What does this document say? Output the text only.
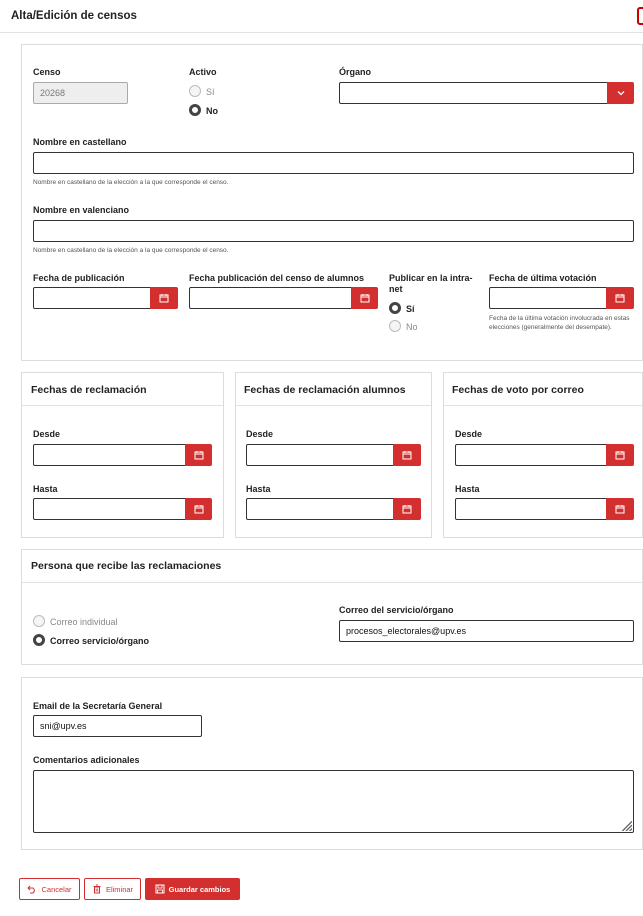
Alta/Edición de censos
Censo
20268
Activo
Sí
No
Órgano
Nombre en castellano
Nombre en castellano de la elección a la que corresponde el censo.
Nombre en valenciano
Nombre en castellano de la elección a la que corresponde el censo.
Fecha de publicación	Fecha publicación del censo de alumnos	Publicar en la intra-net
Sí
No
Fecha de última votación
Fecha de la última votación involucrada en estas elecciones (generalmente del desempate).
Fechas de reclamación
Desde
Hasta
Fechas de reclamación alumnos
Desde
Hasta
Fechas de voto por correo
Desde
Hasta
Persona que recibe las reclamaciones
Correo individual
Correo servicio/órgano
Correo del servicio/órgano
procesos_electorales@upv.es
Email de la Secretaría General
sni@upv.es
Comentarios adicionales
Cancelar	Eliminar	Guardar cambios
